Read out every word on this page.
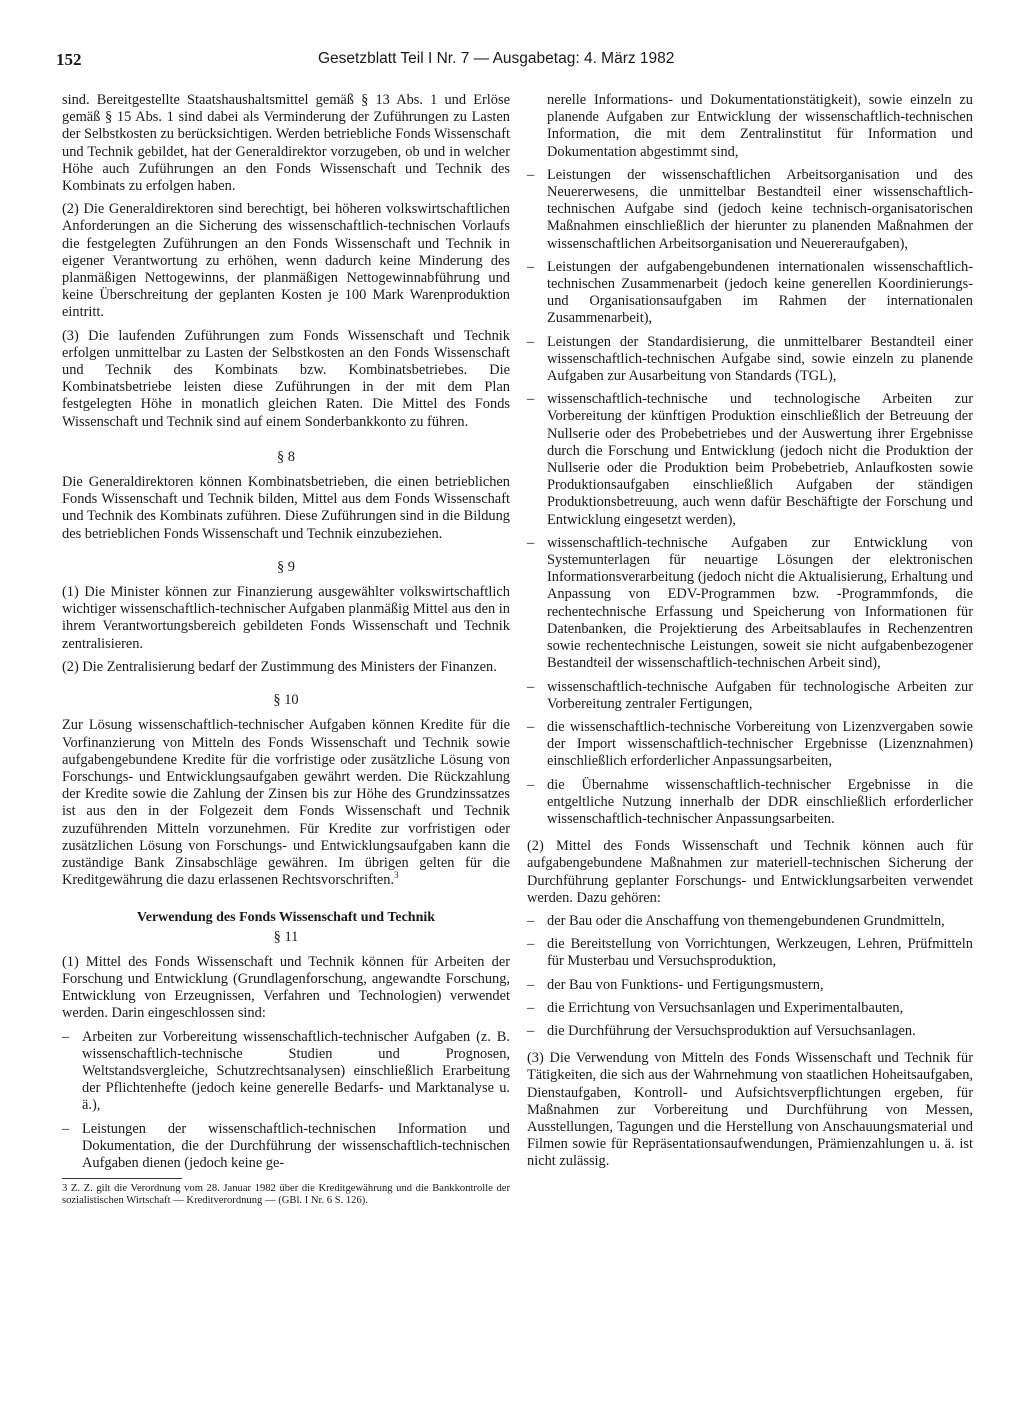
152	Gesetzblatt Teil I Nr. 7 — Ausgabetag: 4. März 1982

sind. Bereitgestellte Staatshaushaltsmittel gemäß § 13 Abs. 1 und Erlöse gemäß § 15 Abs. 1 sind dabei als Verminderung der Zuführungen zu Lasten der Selbstkosten zu berücksichtigen. Werden betriebliche Fonds Wissenschaft und Technik gebildet, hat der Generaldirektor vorzugeben, ob und in welcher Höhe auch Zuführungen an den Fonds Wissenschaft und Technik des Kombinats zu erfolgen haben.

(2) Die Generaldirektoren sind berechtigt, bei höheren volkswirtschaftlichen Anforderungen an die Sicherung des wissenschaftlich-technischen Vorlaufs die festgelegten Zuführungen an den Fonds Wissenschaft und Technik in eigener Verantwortung zu erhöhen, wenn dadurch keine Minderung des planmäßigen Nettogewinns, der planmäßigen Nettogewinnabführung und keine Überschreitung der geplanten Kosten je 100 Mark Warenproduktion eintritt.

(3) Die laufenden Zuführungen zum Fonds Wissenschaft und Technik erfolgen unmittelbar zu Lasten der Selbstkosten an den Fonds Wissenschaft und Technik des Kombinats bzw. Kombinatsbetriebes. Die Kombinatsbetriebe leisten diese Zuführungen in der mit dem Plan festgelegten Höhe in monatlich gleichen Raten. Die Mittel des Fonds Wissenschaft und Technik sind auf einem Sonderbankkonto zu führen.

§ 8

Die Generaldirektoren können Kombinatsbetrieben, die einen betrieblichen Fonds Wissenschaft und Technik bilden, Mittel aus dem Fonds Wissenschaft und Technik des Kombinats zuführen. Diese Zuführungen sind in die Bildung des betrieblichen Fonds Wissenschaft und Technik einzubeziehen.

§ 9

(1) Die Minister können zur Finanzierung ausgewählter volkswirtschaftlich wichtiger wissenschaftlich-technischer Aufgaben planmäßig Mittel aus den in ihrem Verantwortungsbereich gebildeten Fonds Wissenschaft und Technik zentralisieren.

(2) Die Zentralisierung bedarf der Zustimmung des Ministers der Finanzen.

§ 10

Zur Lösung wissenschaftlich-technischer Aufgaben können Kredite für die Vorfinanzierung von Mitteln des Fonds Wissenschaft und Technik sowie aufgabengebundene Kredite für die vorfristige oder zusätzliche Lösung von Forschungs- und Entwicklungsaufgaben gewährt werden. Die Rückzahlung der Kredite sowie die Zahlung der Zinsen bis zur Höhe des Grundzinssatzes ist aus den in der Folgezeit dem Fonds Wissenschaft und Technik zuzuführenden Mitteln vorzunehmen. Für Kredite zur vorfristigen oder zusätzlichen Lösung von Forschungs- und Entwicklungsaufgaben kann die zuständige Bank Zinsabschläge gewähren. Im übrigen gelten für die Kreditgewährung die dazu erlassenen Rechtsvorschriften.$^3$

Verwendung des Fonds Wissenschaft und Technik
§ 11

(1) Mittel des Fonds Wissenschaft und Technik können für Arbeiten der Forschung und Entwicklung (Grundlagenforschung, angewandte Forschung, Entwicklung von Erzeugnissen, Verfahren und Technologien) verwendet werden. Darin eingeschlossen sind:

– Arbeiten zur Vorbereitung wissenschaftlich-technischer Aufgaben (z. B. wissenschaftlich-technische Studien und Prognosen, Weltstandsvergleiche, Schutzrechtsanalysen) einschließlich Erarbeitung der Pflichtenhefte (jedoch keine generelle Bedarfs- und Marktanalyse u. ä.),
– Leistungen der wissenschaftlich-technischen Information und Dokumentation, die der Durchführung der wissenschaftlich-technischen Aufgaben dienen (jedoch keine ge-

3 Z. Z. gilt die Verordnung vom 28. Januar 1982 über die Kreditgewährung und die Bankkontrolle der sozialistischen Wirtschaft — Kreditverordnung — (GBl. I Nr. 6 S. 126).

nerelle Informations- und Dokumentationstätigkeit), sowie einzeln zu planende Aufgaben zur Entwicklung der wissenschaftlich-technischen Information, die mit dem Zentralinstitut für Information und Dokumentation abgestimmt sind,

– Leistungen der wissenschaftlichen Arbeitsorganisation und des Neuererwesens, die unmittelbar Bestandteil einer wissenschaftlich-technischen Aufgabe sind (jedoch keine technisch-organisatorischen Maßnahmen einschließlich der hierunter zu planenden Maßnahmen der wissenschaftlichen Arbeitsorganisation und Neuereraufgaben),
– Leistungen der aufgabengebundenen internationalen wissenschaftlich-technischen Zusammenarbeit (jedoch keine generellen Koordinierungs- und Organisationsaufgaben im Rahmen der internationalen Zusammenarbeit),
– Leistungen der Standardisierung, die unmittelbarer Bestandteil einer wissenschaftlich-technischen Aufgabe sind, sowie einzeln zu planende Aufgaben zur Ausarbeitung von Standards (TGL),
– wissenschaftlich-technische und technologische Arbeiten zur Vorbereitung der künftigen Produktion einschließlich der Betreuung der Nullserie oder des Probebetriebes und der Auswertung ihrer Ergebnisse durch die Forschung und Entwicklung (jedoch nicht die Produktion der Nullserie oder die Produktion beim Probebetrieb, Anlaufkosten sowie Produktionsaufgaben einschließlich Aufgaben der ständigen Produktionsbetreuung, auch wenn dafür Beschäftigte der Forschung und Entwicklung eingesetzt werden),
– wissenschaftlich-technische Aufgaben zur Entwicklung von Systemunterlagen für neuartige Lösungen der elektronischen Informationsverarbeitung (jedoch nicht die Aktualisierung, Erhaltung und Anpassung von EDV-Programmen bzw. -Programmfonds, die rechentechnische Erfassung und Speicherung von Informationen für Datenbanken, die Projektierung des Arbeitsablaufes in Rechenzentren sowie rechentechnische Leistungen, soweit sie nicht aufgabenbezogener Bestandteil der wissenschaftlich-technischen Arbeit sind),
– wissenschaftlich-technische Aufgaben für technologische Arbeiten zur Vorbereitung zentraler Fertigungen,
– die wissenschaftlich-technische Vorbereitung von Lizenzvergaben sowie der Import wissenschaftlich-technischer Ergebnisse (Lizenznahmen) einschließlich erforderlicher Anpassungsarbeiten,
– die Übernahme wissenschaftlich-technischer Ergebnisse in die entgeltliche Nutzung innerhalb der DDR einschließlich erforderlicher wissenschaftlich-technischer Anpassungsarbeiten.

(2) Mittel des Fonds Wissenschaft und Technik können auch für aufgabengebundene Maßnahmen zur materiell-technischen Sicherung der Durchführung geplanter Forschungs- und Entwicklungsarbeiten verwendet werden. Dazu gehören:

– der Bau oder die Anschaffung von themengebundenen Grundmitteln,
– die Bereitstellung von Vorrichtungen, Werkzeugen, Lehren, Prüfmitteln für Musterbau und Versuchsproduktion,
– der Bau von Funktions- und Fertigungsmustern,
– die Errichtung von Versuchsanlagen und Experimentalbauten,
– die Durchführung der Versuchsproduktion auf Versuchsanlagen.

(3) Die Verwendung von Mitteln des Fonds Wissenschaft und Technik für Tätigkeiten, die sich aus der Wahrnehmung von staatlichen Hoheitsaufgaben, Dienstaufgaben, Kontroll- und Aufsichtsverpflichtungen ergeben, für Maßnahmen zur Vorbereitung und Durchführung von Messen, Ausstellungen, Tagungen und die Herstellung von Anschauungsmaterial und Filmen sowie für Repräsentationsaufwendungen, Prämienzahlungen u. ä. ist nicht zulässig.
